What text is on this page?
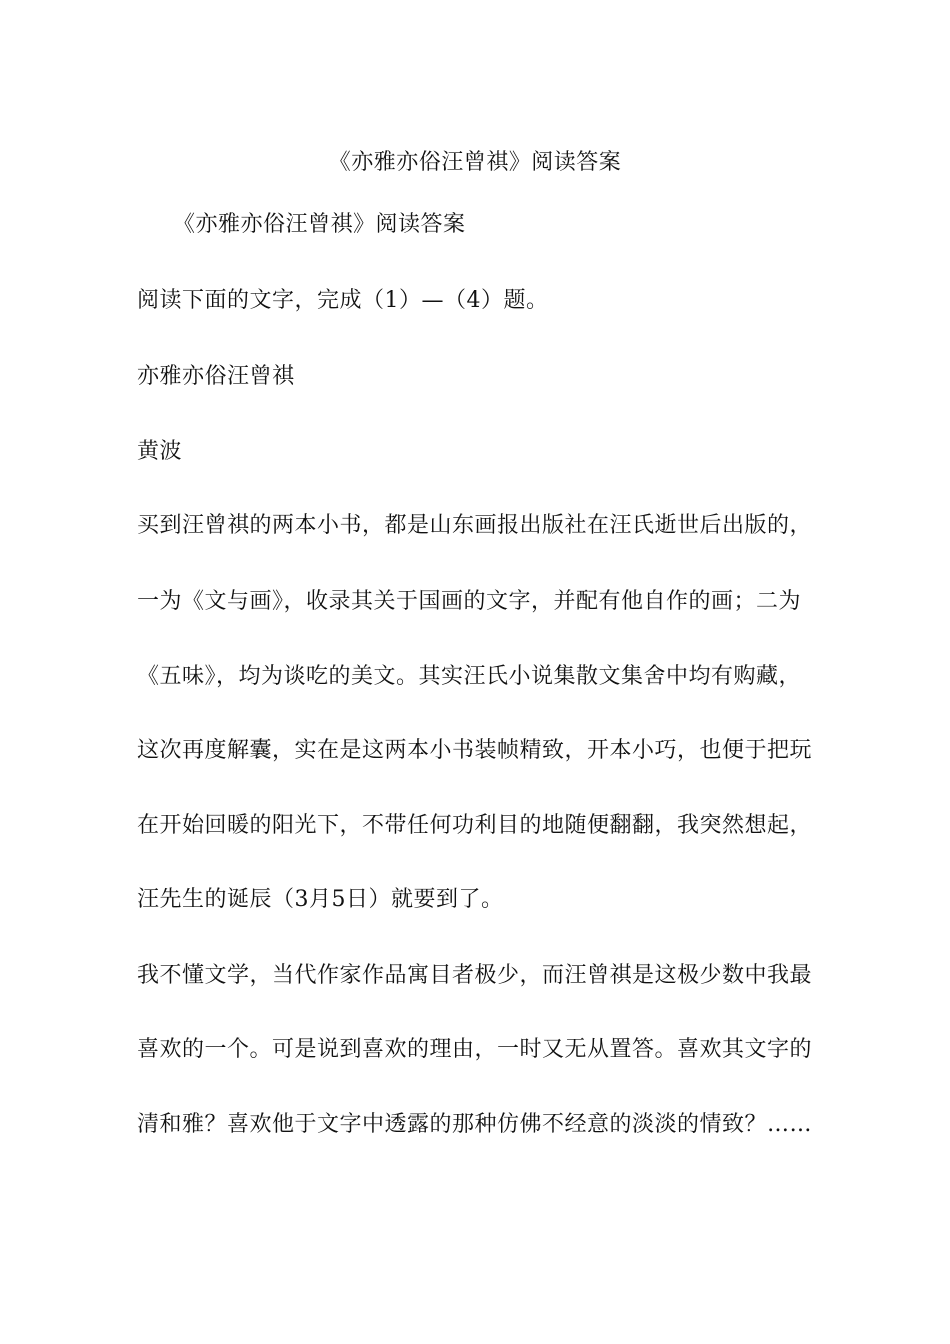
《亦雅亦俗汪曾祺》阅读答案
《亦雅亦俗汪曾祺》阅读答案
阅读下面的文字，完成（1）—（4）题。
亦雅亦俗汪曾祺
黄波
买到汪曾祺的两本小书，都是山东画报出版社在汪氏逝世后出版的，
一为《文与画》，收录其关于国画的文字，并配有他自作的画；二为
《五味》，均为谈吃的美文。其实汪氏小说集散文集舍中均有购藏，
这次再度解囊，实在是这两本小书装帧精致，开本小巧，也便于把玩
在开始回暖的阳光下，不带任何功利目的地随便翻翻，我突然想起，
汪先生的诞辰（3月5日）就要到了。
我不懂文学，当代作家作品寓目者极少，而汪曾祺是这极少数中我最
喜欢的一个。可是说到喜欢的理由，一时又无从置答。喜欢其文字的
清和雅？喜欢他于文字中透露的那种仿佛不经意的淡淡的情致？……
